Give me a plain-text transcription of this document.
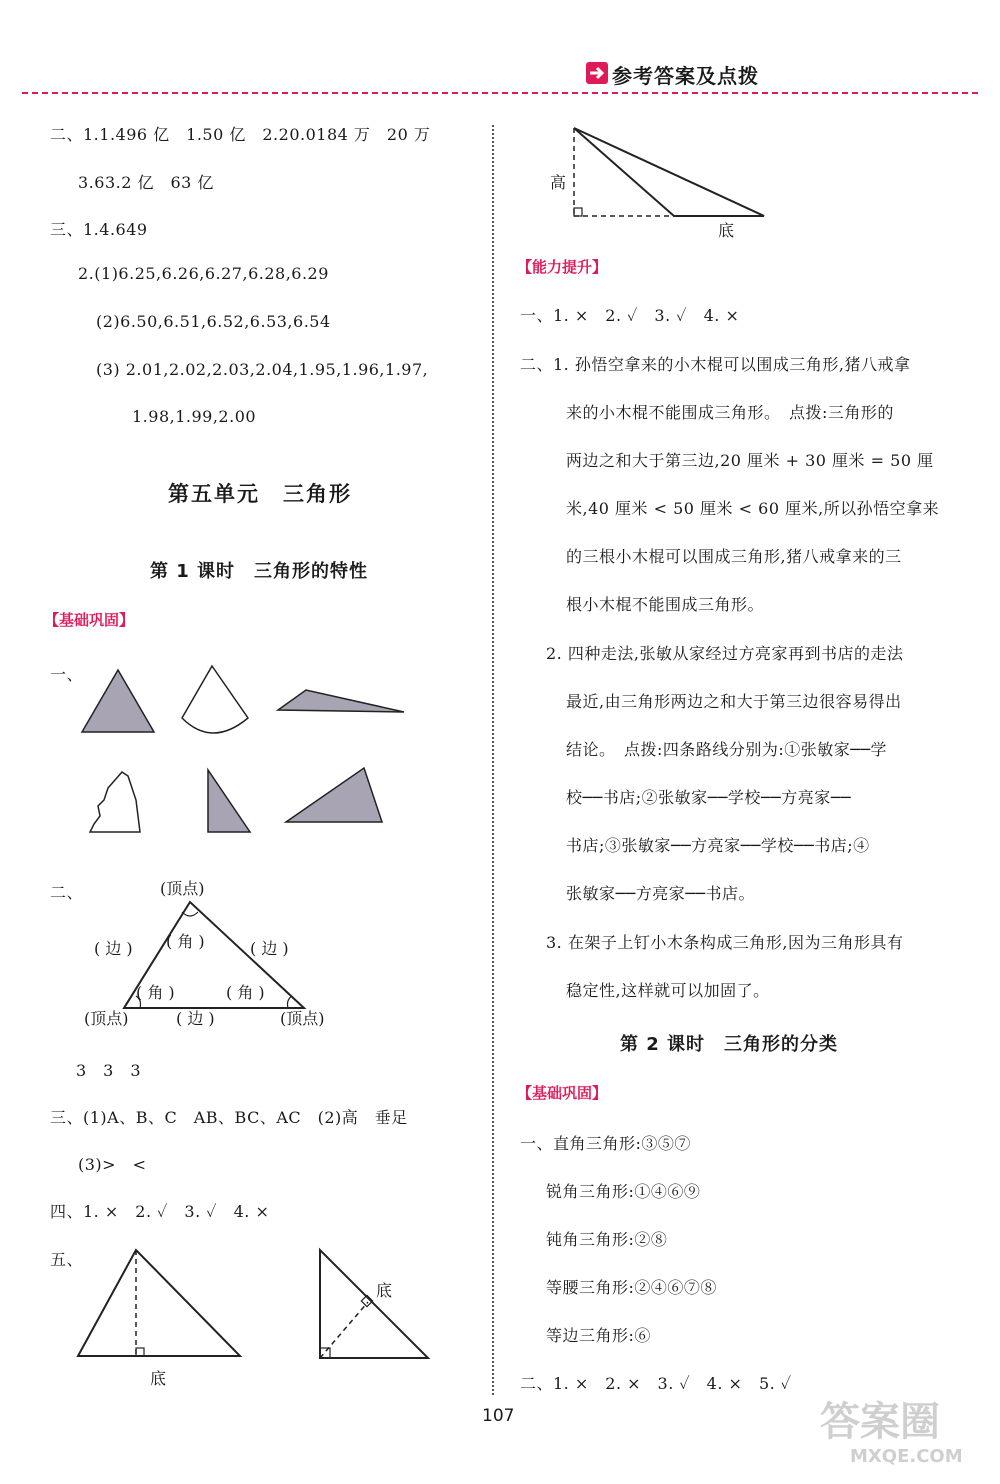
参考答案及点拨
二、1.1.496 亿　1.50 亿　2.20.0184 万　20 万
3.63.2 亿　63 亿
三、1.4.649
2.(1)6.25,6.26,6.27,6.28,6.29
(2)6.50,6.51,6.52,6.53,6.54
(3) 2.01,2.02,2.03,2.04,1.95,1.96,1.97,
1.98,1.99,2.00
第五单元　三角形
第 1 课时　三角形的特性
【基础巩固】
一、
二、	(顶点)
( 边 ) ( 角 )	( 边 )
( 角 )	( 角 )
(顶点)	( 边 )	(顶点)
3　3　3
三、(1)A、B、C　AB、BC、AC　(2)高　垂足
(3)>　<
四、1. ×　2. ✓　3. ✓　4. ×
五、
底
底
高
底
【能力提升】
一、1. ×　2. ✓　3. ✓　4. ×
二、1. 孙悟空拿来的小木棍可以围成三角形,猪八戒拿
来的小木棍不能围成三角形。　点拨:三角形的
两边之和大于第三边,20 厘米 + 30 厘米 = 50 厘
米,40 厘米 < 50 厘米 < 60 厘米,所以孙悟空拿来
的三根小木棍可以围成三角形,猪八戒拿来的三
根小木棍不能围成三角形。
2. 四种走法,张敏从家经过方亮家再到书店的走法
最近,由三角形两边之和大于第三边很容易得出
结论。　点拨:四条路线分别为:①张敏家──学
校──书店;②张敏家──学校──方亮家──
书店;③张敏家──方亮家──学校──书店;④
张敏家──方亮家──书店。
3. 在架子上钉小木条构成三角形,因为三角形具有
稳定性,这样就可以加固了。
第 2 课时　三角形的分类
【基础巩固】
一、直角三角形:③⑤⑦
锐角三角形:①④⑥⑨
钝角三角形:②⑧
等腰三角形:②④⑥⑦⑧
等边三角形:⑥
二、1. ×　2. ×　3. ✓　4. ×　5. ✓
107	答案圈
MXQE.COM
